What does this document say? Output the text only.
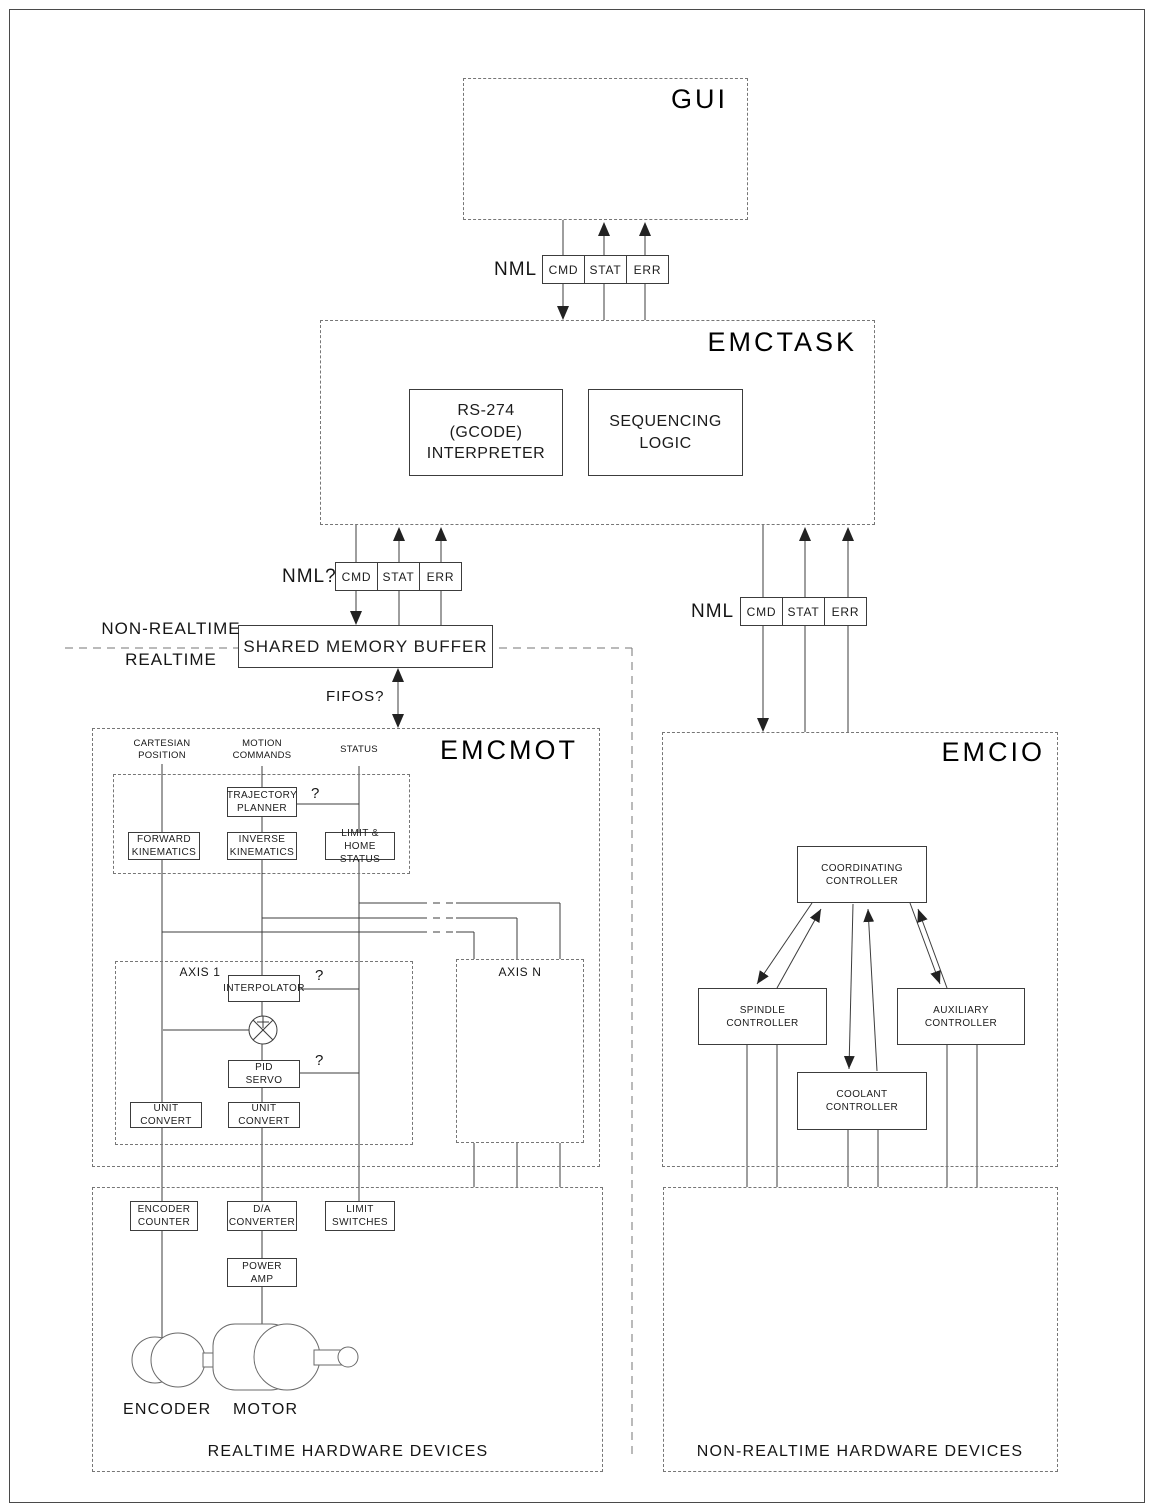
RS-274
(GCODE)
INTERPRETER
SEQUENCING
LOGIC
SHARED MEMORY BUFFER
TRAJECTORY
PLANNER
FORWARD
KINEMATICS
INVERSE
KINEMATICS
LIMIT & HOME
STATUS
INTERPOLATOR
PID
SERVO
UNIT
CONVERT
UNIT
CONVERT
ENCODER
COUNTER
D/A
CONVERTER
LIMIT
SWITCHES
POWER
AMP
COORDINATING
CONTROLLER
SPINDLE
CONTROLLER
AUXILIARY
CONTROLLER
COOLANT
CONTROLLER
CMD STAT	ERR
CMD STAT	ERR
CMD STAT	ERR
GUI
EMCTASK
EMCMOT	EMCIO
NML
NML?
NML
NON-REALTIME
REALTIME
FIFOS?
CARTESIAN
POSITION
MOTION
COMMANDS
STATUS
AXIS 1	AXIS N
?
?
?
ENCODER MOTOR
REALTIME HARDWARE DEVICES	NON-REALTIME HARDWARE DEVICES
